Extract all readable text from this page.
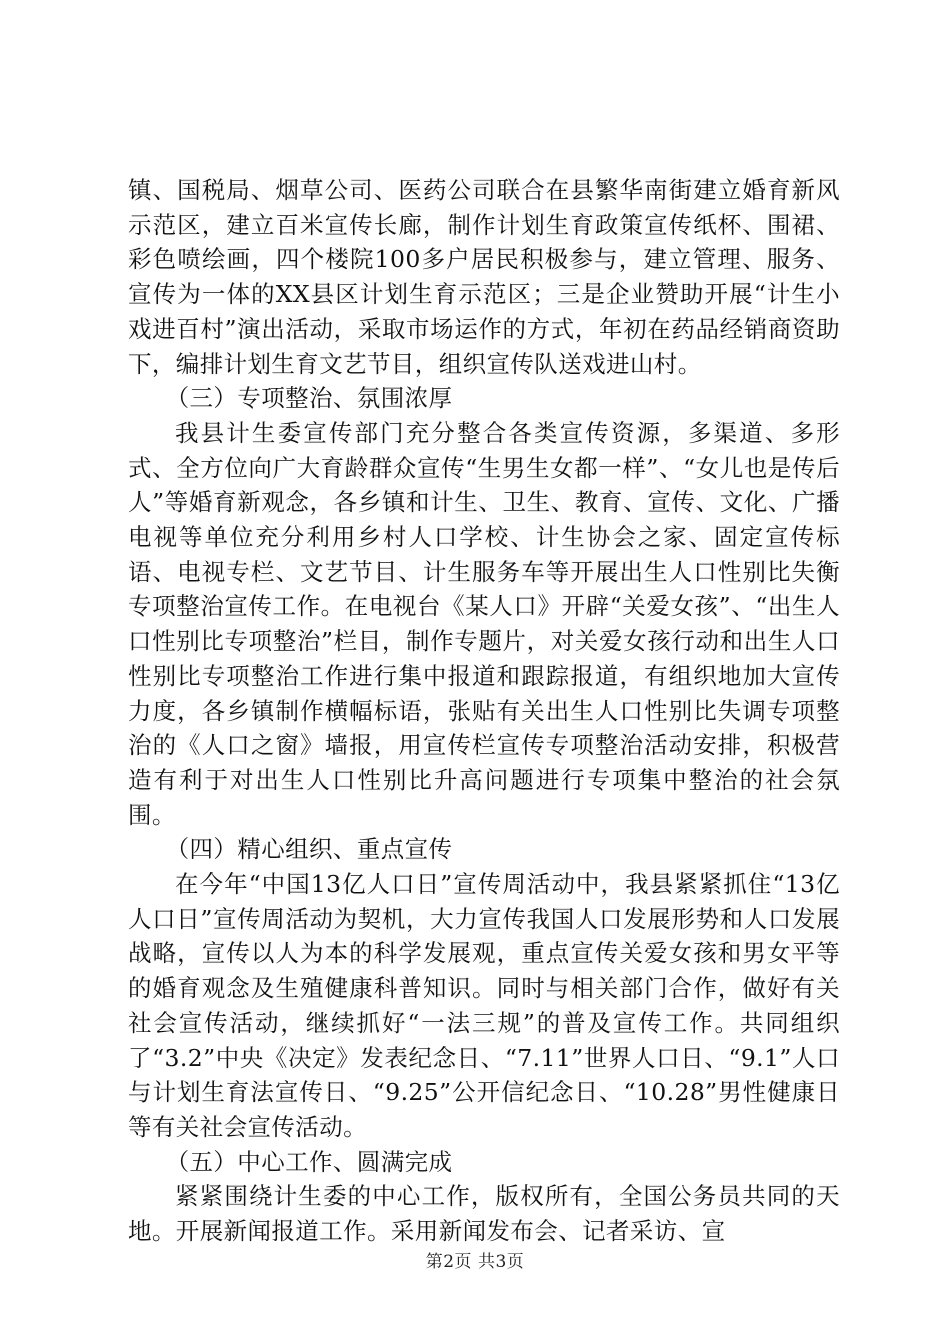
镇、国税局、烟草公司、医药公司联合在县繁华南街建立婚育新风示范区，建立百米宣传长廊，制作计划生育政策宣传纸杯、围裙、彩色喷绘画，四个楼院100多户居民积极参与，建立管理、服务、宣传为一体的XX县区计划生育示范区；三是企业赞助开展“计生小戏进百村”演出活动，采取市场运作的方式，年初在药品经销商资助下，编排计划生育文艺节目，组织宣传队送戏进山村。

（三）专项整治、氛围浓厚

我县计生委宣传部门充分整合各类宣传资源，多渠道、多形式、全方位向广大育龄群众宣传“生男生女都一样”、“女儿也是传后人”等婚育新观念，各乡镇和计生、卫生、教育、宣传、文化、广播电视等单位充分利用乡村人口学校、计生协会之家、固定宣传标语、电视专栏、文艺节目、计生服务车等开展出生人口性别比失衡专项整治宣传工作。在电视台《某人口》开辟“关爱女孩”、“出生人口性别比专项整治”栏目，制作专题片，对关爱女孩行动和出生人口性别比专项整治工作进行集中报道和跟踪报道，有组织地加大宣传力度，各乡镇制作横幅标语，张贴有关出生人口性别比失调专项整治的《人口之窗》墙报，用宣传栏宣传专项整治活动安排，积极营造有利于对出生人口性别比升高问题进行专项集中整治的社会氛围。

（四）精心组织、重点宣传

在今年“中国13亿人口日”宣传周活动中，我县紧紧抓住“13亿人口日”宣传周活动为契机，大力宣传我国人口发展形势和人口发展战略，宣传以人为本的科学发展观，重点宣传关爱女孩和男女平等的婚育观念及生殖健康科普知识。同时与相关部门合作，做好有关社会宣传活动，继续抓好“一法三规”的普及宣传工作。共同组织了“3.2”中央《决定》发表纪念日、“7.11”世界人口日、“9.1”人口与计划生育法宣传日、“9.25”公开信纪念日、“10.28”男性健康日等有关社会宣传活动。

（五）中心工作、圆满完成

紧紧围绕计生委的中心工作，版权所有，全国公务员共同的天地。开展新闻报道工作。采用新闻发布会、记者采访、宣

第2页 共3页
